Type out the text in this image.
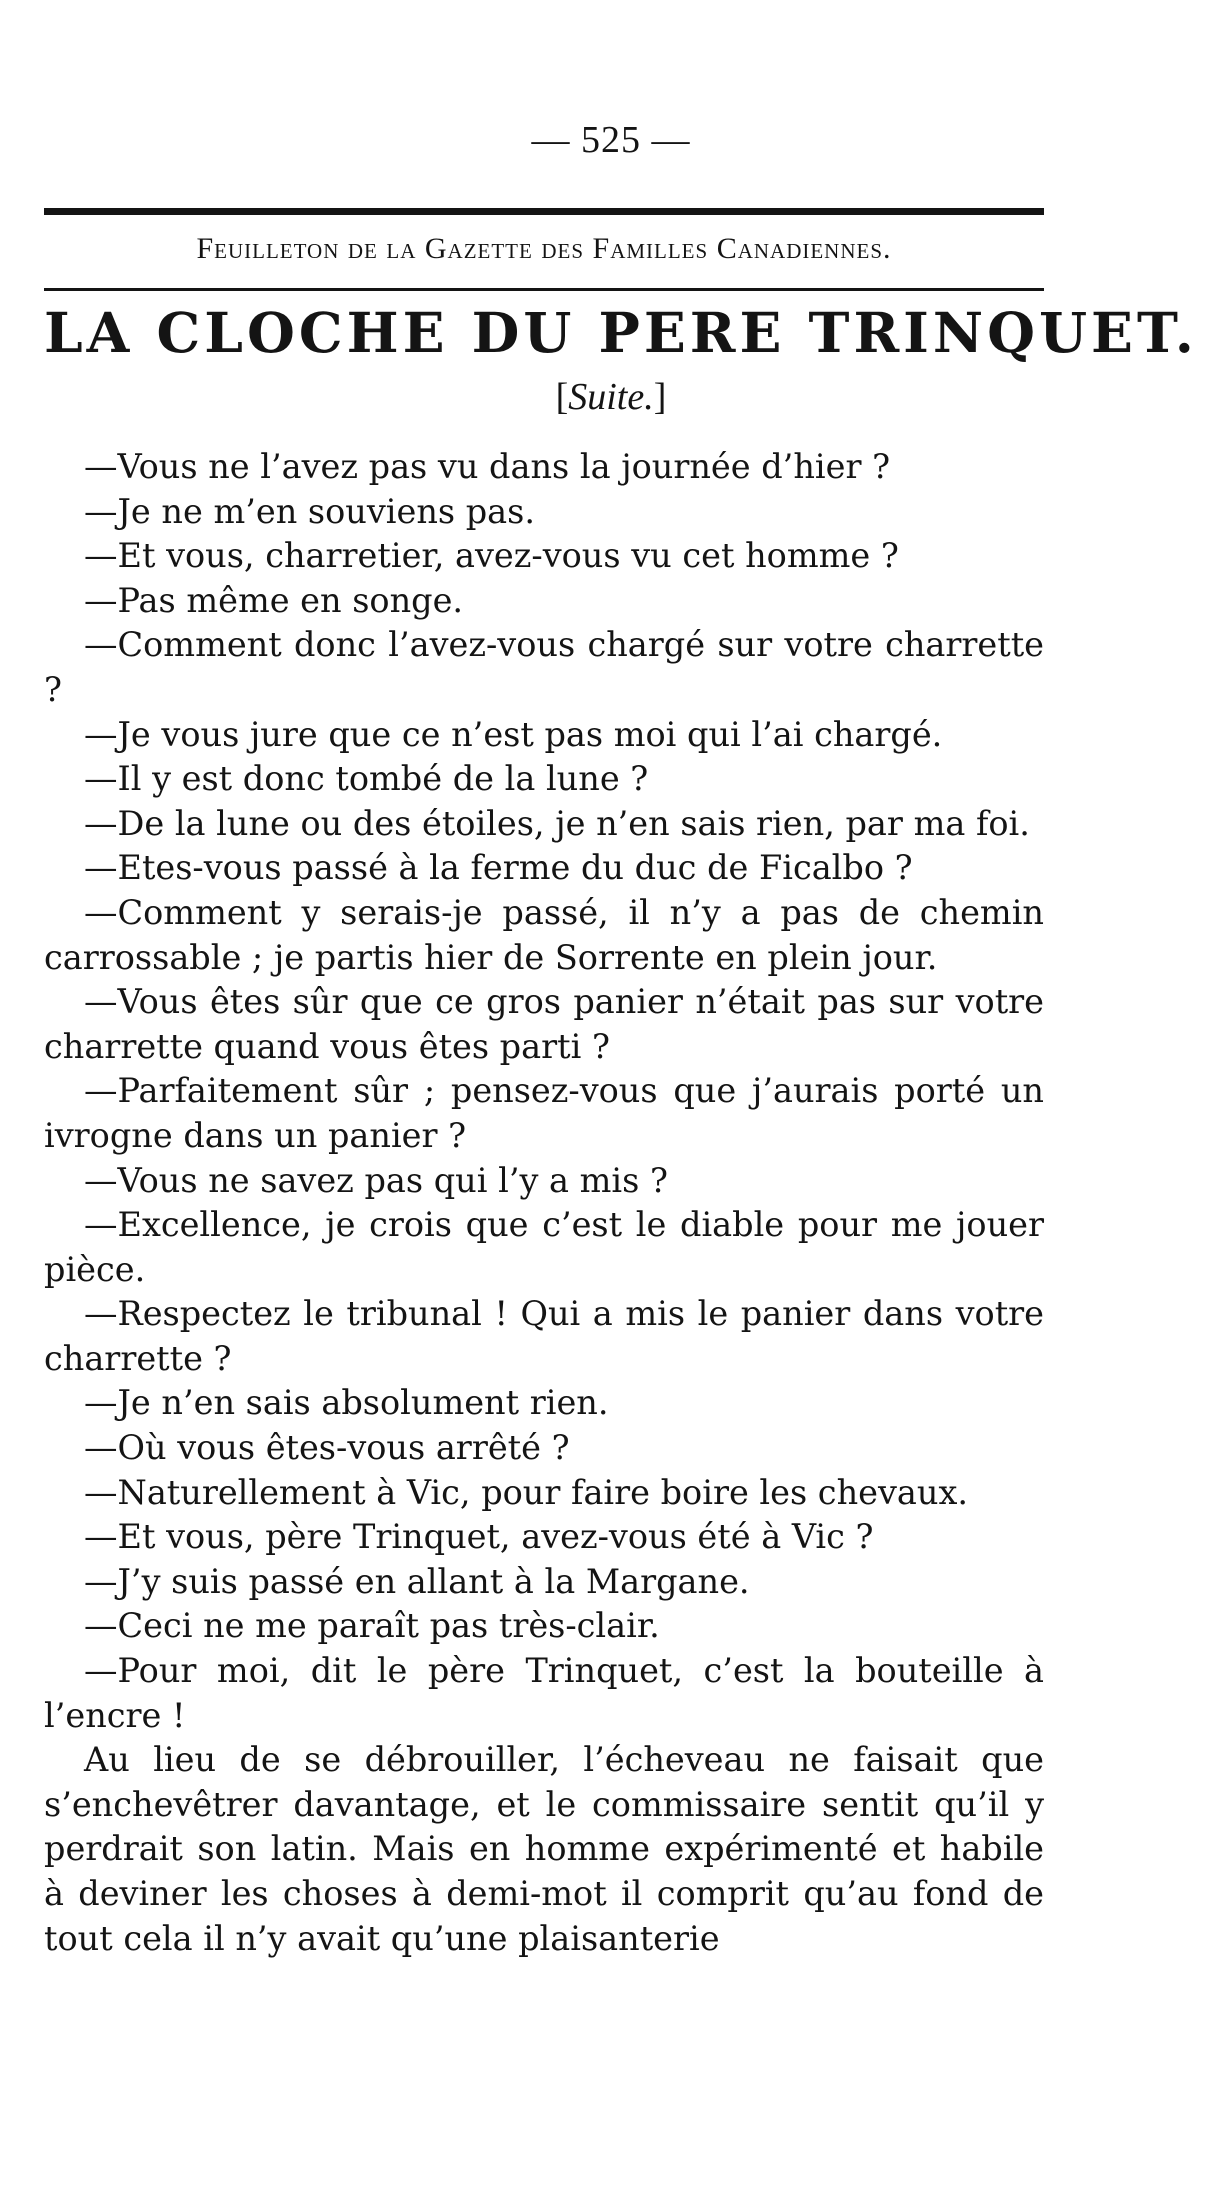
— 525 —
Feuilleton de la Gazette des Familles Canadiennes.
LA CLOCHE DU PERE TRINQUET.
[Suite.]

—Vous ne l’avez pas vu dans la journée d’hier ?

—Je ne m’en souviens pas.

—Et vous, charretier, avez-vous vu cet homme ?

—Pas même en songe.

—Comment donc l’avez-vous chargé sur votre charrette ?

—Je vous jure que ce n’est pas moi qui l’ai chargé.

—Il y est donc tombé de la lune ?

—De la lune ou des étoiles, je n’en sais rien, par ma foi.

—Etes-vous passé à la ferme du duc de Ficalbo ?

—Comment y serais-je passé, il n’y a pas de chemin carrossable ; je partis hier de Sorrente en plein jour.

—Vous êtes sûr que ce gros panier n’était pas sur votre charrette quand vous êtes parti ?

—Parfaitement sûr ; pensez-vous que j’aurais porté un ivrogne dans un panier ?

—Vous ne savez pas qui l’y a mis ?

—Excellence, je crois que c’est le diable pour me jouer pièce.

—Respectez le tribunal ! Qui a mis le panier dans votre charrette ?

—Je n’en sais absolument rien.

—Où vous êtes-vous arrêté ?

—Naturellement à Vic, pour faire boire les chevaux.

—Et vous, père Trinquet, avez-vous été à Vic ?

—J’y suis passé en allant à la Margane.

—Ceci ne me paraît pas très-clair.

—Pour moi, dit le père Trinquet, c’est la bouteille à l’encre !

Au lieu de se débrouiller, l’écheveau ne faisait que s’enchevêtrer davantage, et le commissaire sentit qu’il y perdrait son latin. Mais en homme expérimenté et habile à deviner les choses à demi-mot il comprit qu’au fond de tout cela il n’y avait qu’une plaisanterie
